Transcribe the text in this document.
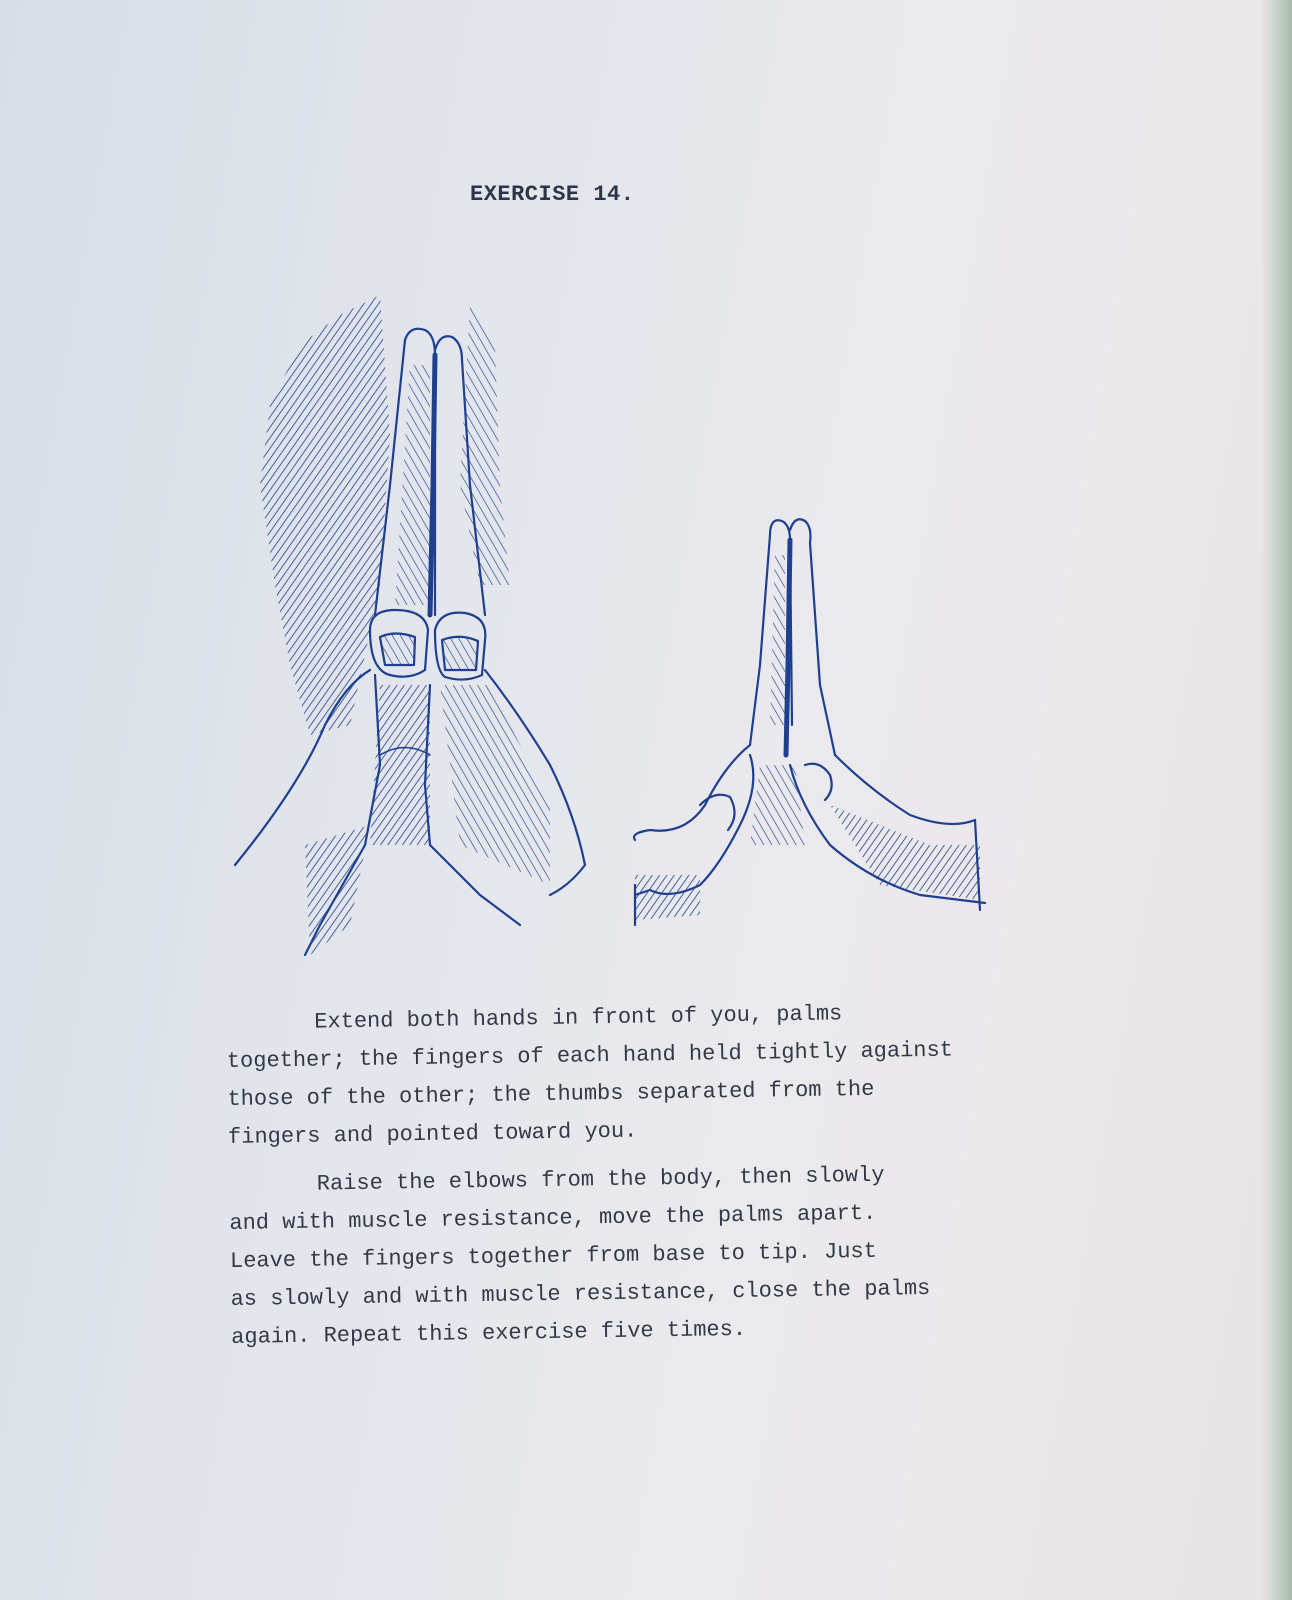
EXERCISE 14.

Extend both hands in front of you, palms

together; the fingers of each hand held tightly against

those of the other; the thumbs separated from the

fingers and pointed toward you.

Raise the elbows from the body, then slowly

and with muscle resistance, move the palms apart.

Leave the fingers together from base to tip. Just

as slowly and with muscle resistance, close the palms

again. Repeat this exercise five times.
